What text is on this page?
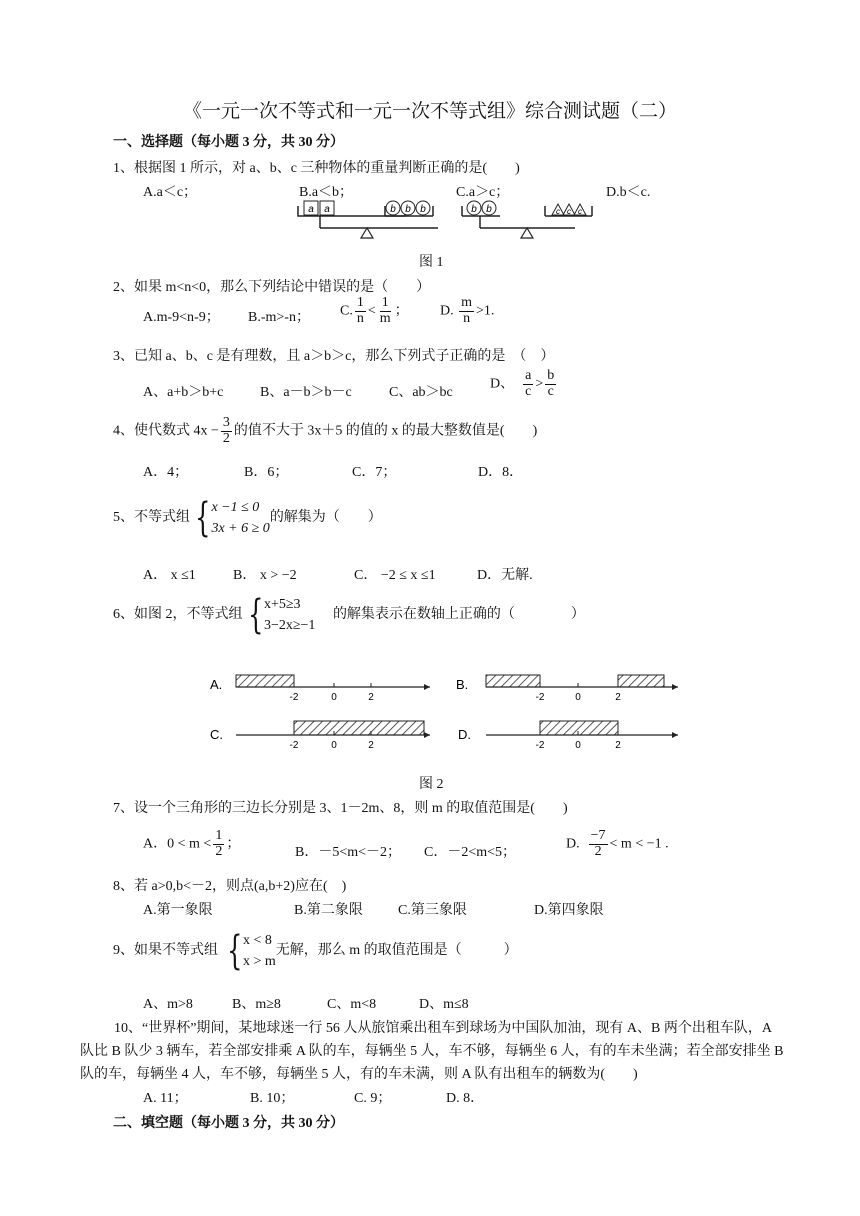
《一元一次不等式和一元一次不等式组》综合测试题（二）
一、选择题（每小题 3 分，共 30 分）
1、根据图 1 所示，对 a、b、c 三种物体的重量判断正确的是(　　)
A.a＜c；	B.a＜b；	C.a＞c；	D.b＜c.
a a	b b b	b b	c c c
图 1
2、如果 m<n<0，那么下列结论中错误的是（　　）
A.m-9<n-9； B.-m>-n； C. $\frac{1}{n} < \frac{1}{m}$ ； D. $\frac{m}{n} >1$.
3、已知 a、b、c 是有理数，且 a＞b＞c，那么下列式子正确的是　（　）
A、a+b＞b+c	B、a－b＞b－c	C、ab＞bc
D、 $\frac{a}{c} > \frac{b}{c}$
4、使代数式 $4x - \frac{3}{2}$ 的值不大于 3x＋5 的值的 x 的最大整数值是(　　)
A．4；	B．6；	C．7；	D．8．
5、不等式组 { x −1 ≤ 0
3x + 6 ≥ 0
的解集为（　　）
A． x ≤1	B． x > −2	C． −2 ≤ x ≤1	D．无解.
6、如图 2，不等式组 { x+5≥3
3−2x≥−1
的解集表示在数轴上正确的（　　　　）
A.
-2	0	2
B.
-2	0	2
C.
-2	0	2
D.
-2	0	2
图 2
7、设一个三角形的三边长分别是 3、1－2m、8，则 m 的取值范围是(　　)
A．$0 < m < \frac{1}{2}$ ；
B．－5<m<－2； C．－2<m<5；
D. $\frac{-7}{2} < m < -1$ .
8、若 a>0,b<－2，则点(a,b+2)应在(　)
A.第一象限	B.第二象限	C.第三象限	D.第四象限
9、如果不等式组 { x < 8
x > m
无解，那么 m 的取值范围是（　　　）
A、m>8	B、m≥8	C、m<8	D、m≤8
10、“世界杯”期间，某地球迷一行 56 人从旅馆乘出租车到球场为中国队加油，现有 A、B 两个出租车队，A 队比 B 队少 3 辆车，若全部安排乘 A 队的车，每辆坐 5 人，车不够，每辆坐 6 人，有的车未坐满；若全部安排坐 B 队的车，每辆坐 4 人，车不够，每辆坐 5 人，有的车未满，则 A 队有出租车的辆数为(　　)
A. 11；	B. 10；	C. 9；	D. 8．
二、填空题（每小题 3 分，共 30 分）
